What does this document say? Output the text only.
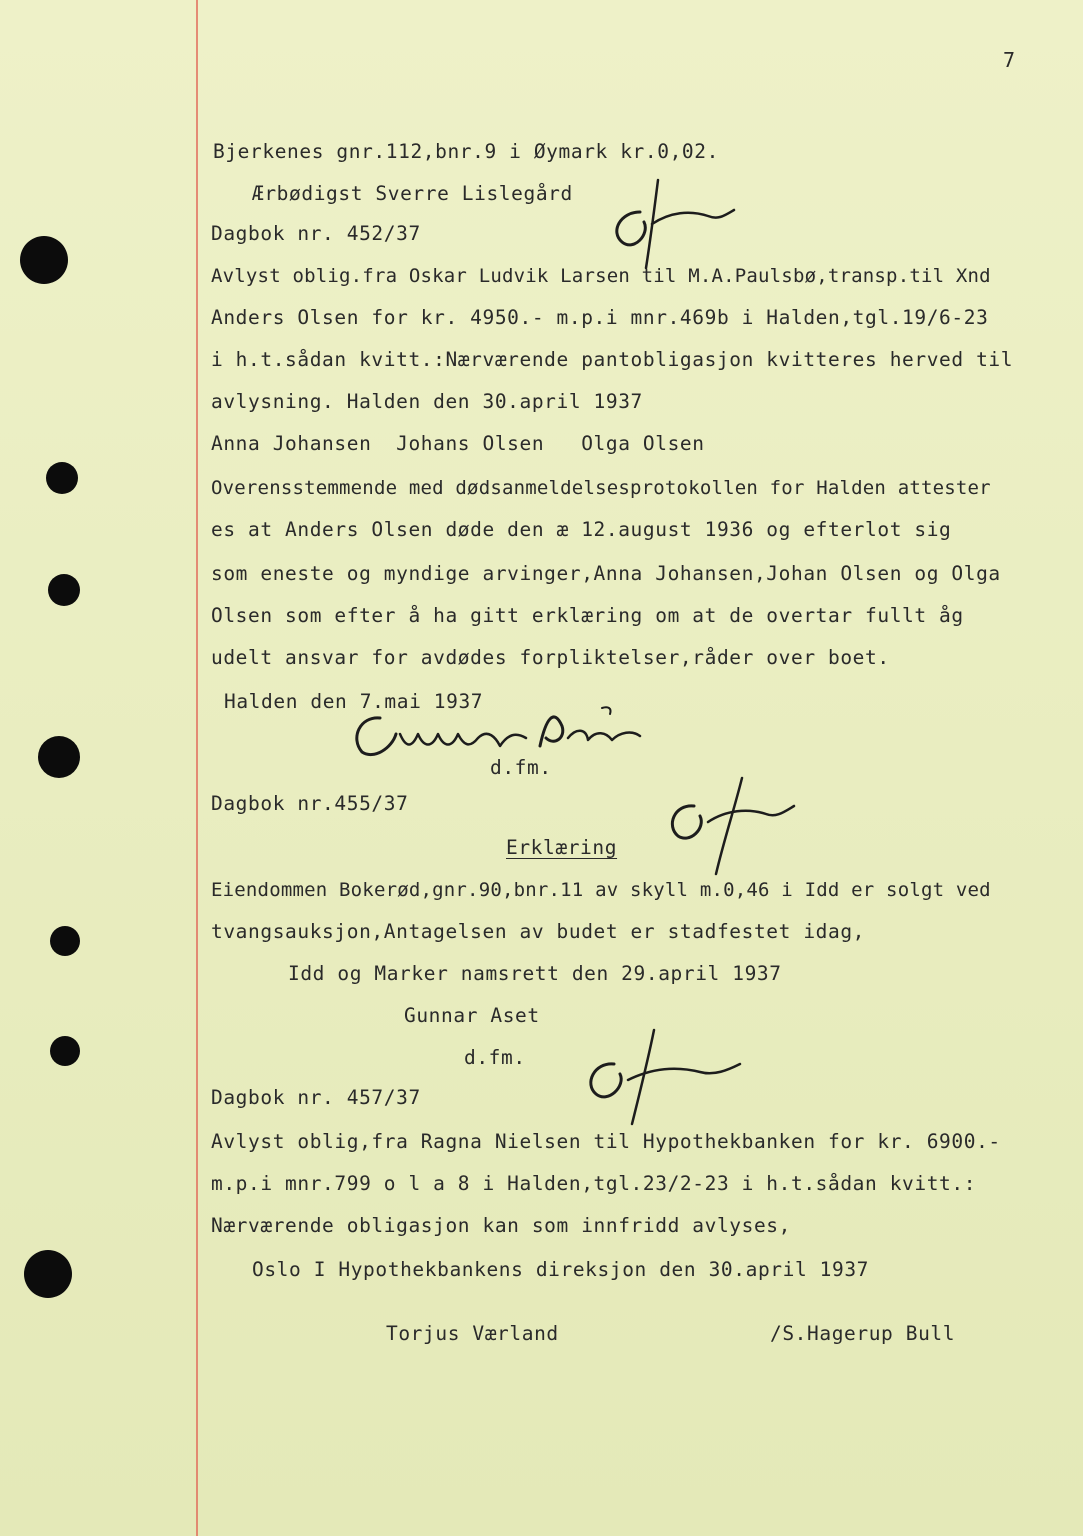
7
Bjerkenes gnr.112,bnr.9 i Øymark kr.0,02.
Ærbødigst Sverre Lislegård
Dagbok nr. 452/37
Avlyst oblig.fra Oskar Ludvik Larsen til M.A.Paulsbø,transp.til Xnd
Anders Olsen for kr. 4950.- m.p.i mnr.469b i Halden,tgl.19/6-23
i h.t.sådan kvitt.:Nærværende pantobligasjon kvitteres herved til
avlysning. Halden den 30.april 1937
Anna Johansen  Johans Olsen   Olga Olsen
Overensstemmende med dødsanmeldelsesprotokollen for Halden attester
es at Anders Olsen døde den æ 12.august 1936 og efterlot sig
som eneste og myndige arvinger,Anna Johansen,Johan Olsen og Olga
Olsen som efter å ha gitt erklæring om at de overtar fullt åg
udelt ansvar for avdødes forpliktelser,råder over boet.
Halden den 7.mai 1937
d.fm.
Dagbok nr.455/37
Erklæring
Eiendommen Bokerød,gnr.90,bnr.11 av skyll m.0,46 i Idd er solgt ved
tvangsauksjon,Antagelsen av budet er stadfestet idag,
Idd og Marker namsrett den 29.april 1937
Gunnar Aset
d.fm.
Dagbok nr. 457/37
Avlyst oblig,fra Ragna Nielsen til Hypothekbanken for kr. 6900.-
m.p.i mnr.799 o l a 8 i Halden,tgl.23/2-23 i h.t.sådan kvitt.:
Nærværende obligasjon kan som innfridd avlyses,
Oslo I Hypothekbankens direksjon den 30.april 1937
Torjus Værland	/S.Hagerup Bull
